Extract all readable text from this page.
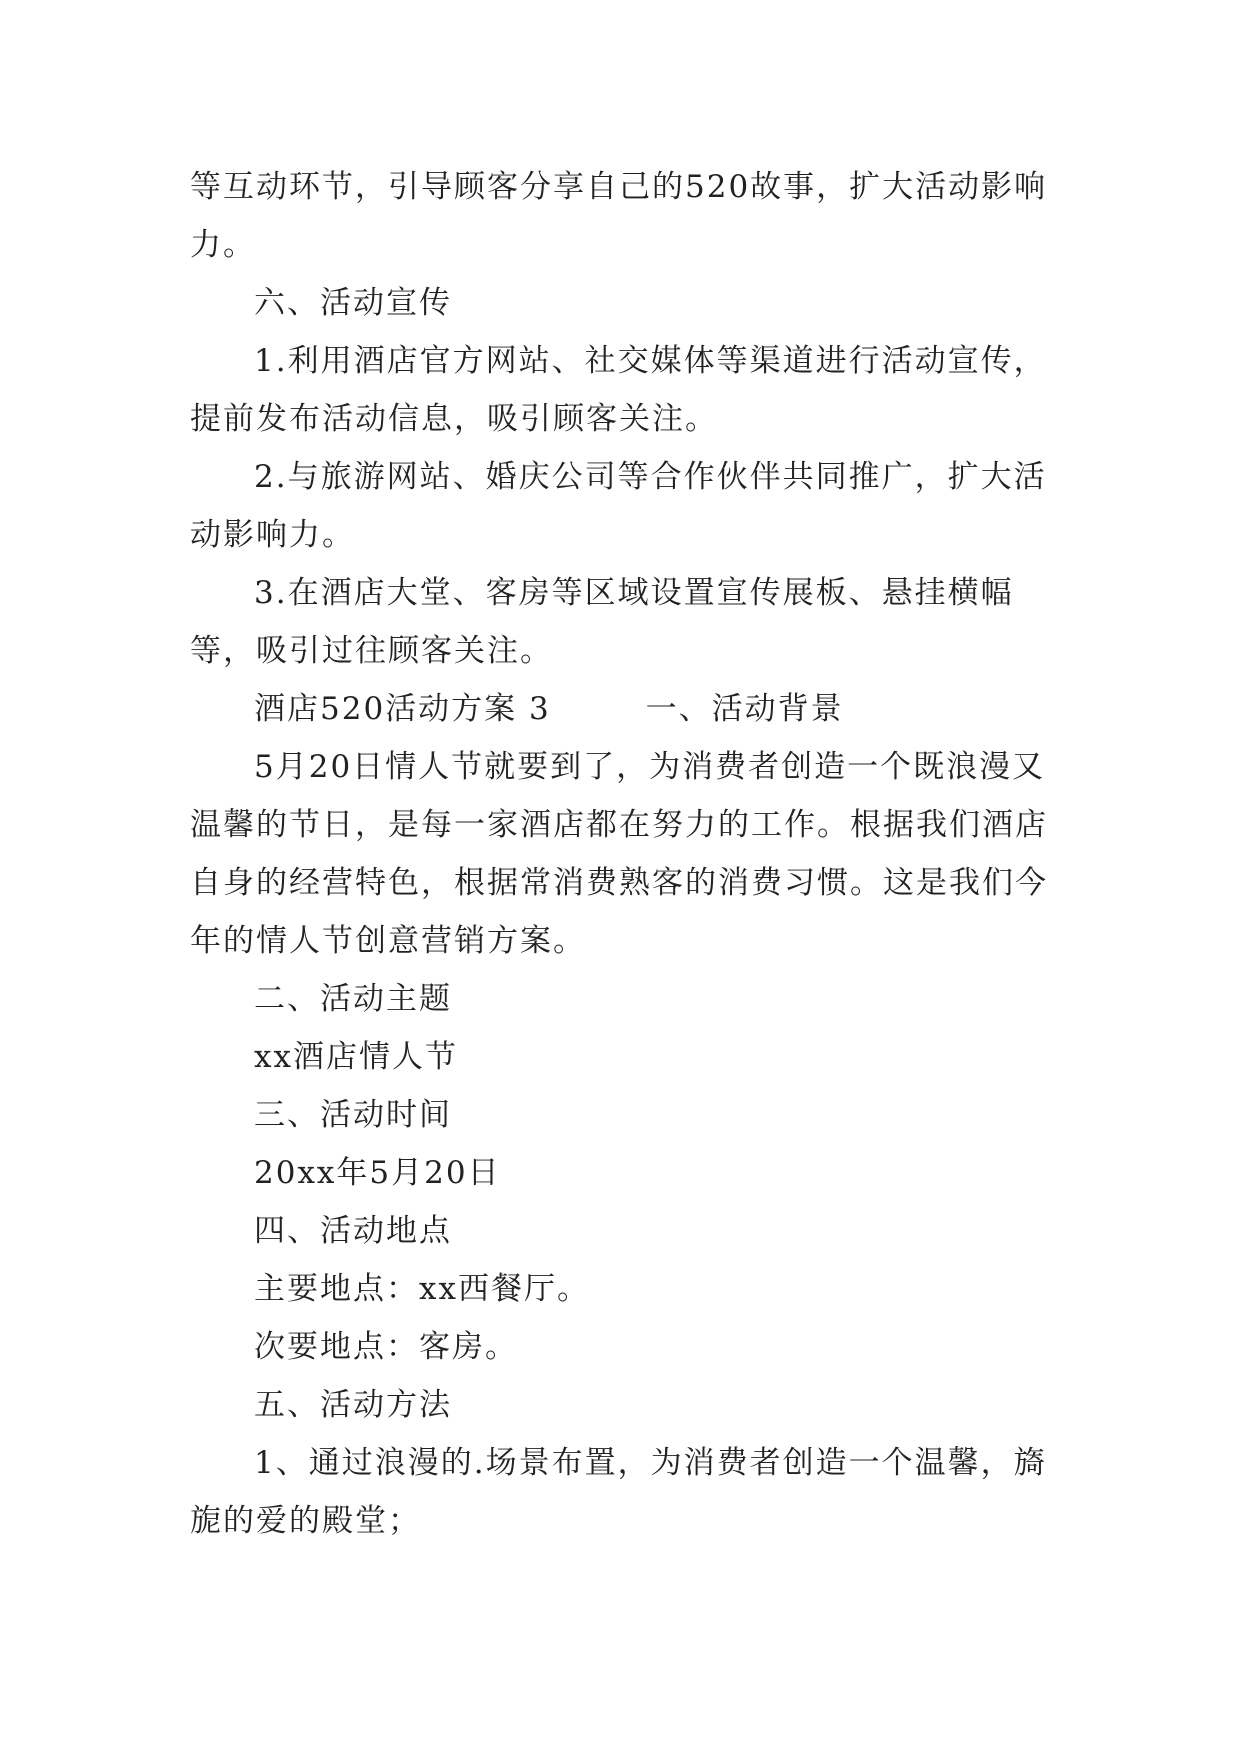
等互动环节，引导顾客分享自己的520故事，扩大活动影响力。

六、活动宣传

1.利用酒店官方网站、社交媒体等渠道进行活动宣传，提前发布活动信息，吸引顾客关注。

2.与旅游网站、婚庆公司等合作伙伴共同推广，扩大活动影响力。

3.在酒店大堂、客房等区域设置宣传展板、悬挂横幅等，吸引过往顾客关注。

酒店520活动方案 3        一、活动背景

5月20日情人节就要到了，为消费者创造一个既浪漫又温馨的节日，是每一家酒店都在努力的工作。根据我们酒店自身的经营特色，根据常消费熟客的消费习惯。这是我们今年的情人节创意营销方案。

二、活动主题

xx酒店情人节

三、活动时间

20xx年5月20日

四、活动地点

主要地点：xx西餐厅。

次要地点：客房。

五、活动方法

1、通过浪漫的.场景布置，为消费者创造一个温馨，旖旎的爱的殿堂；
